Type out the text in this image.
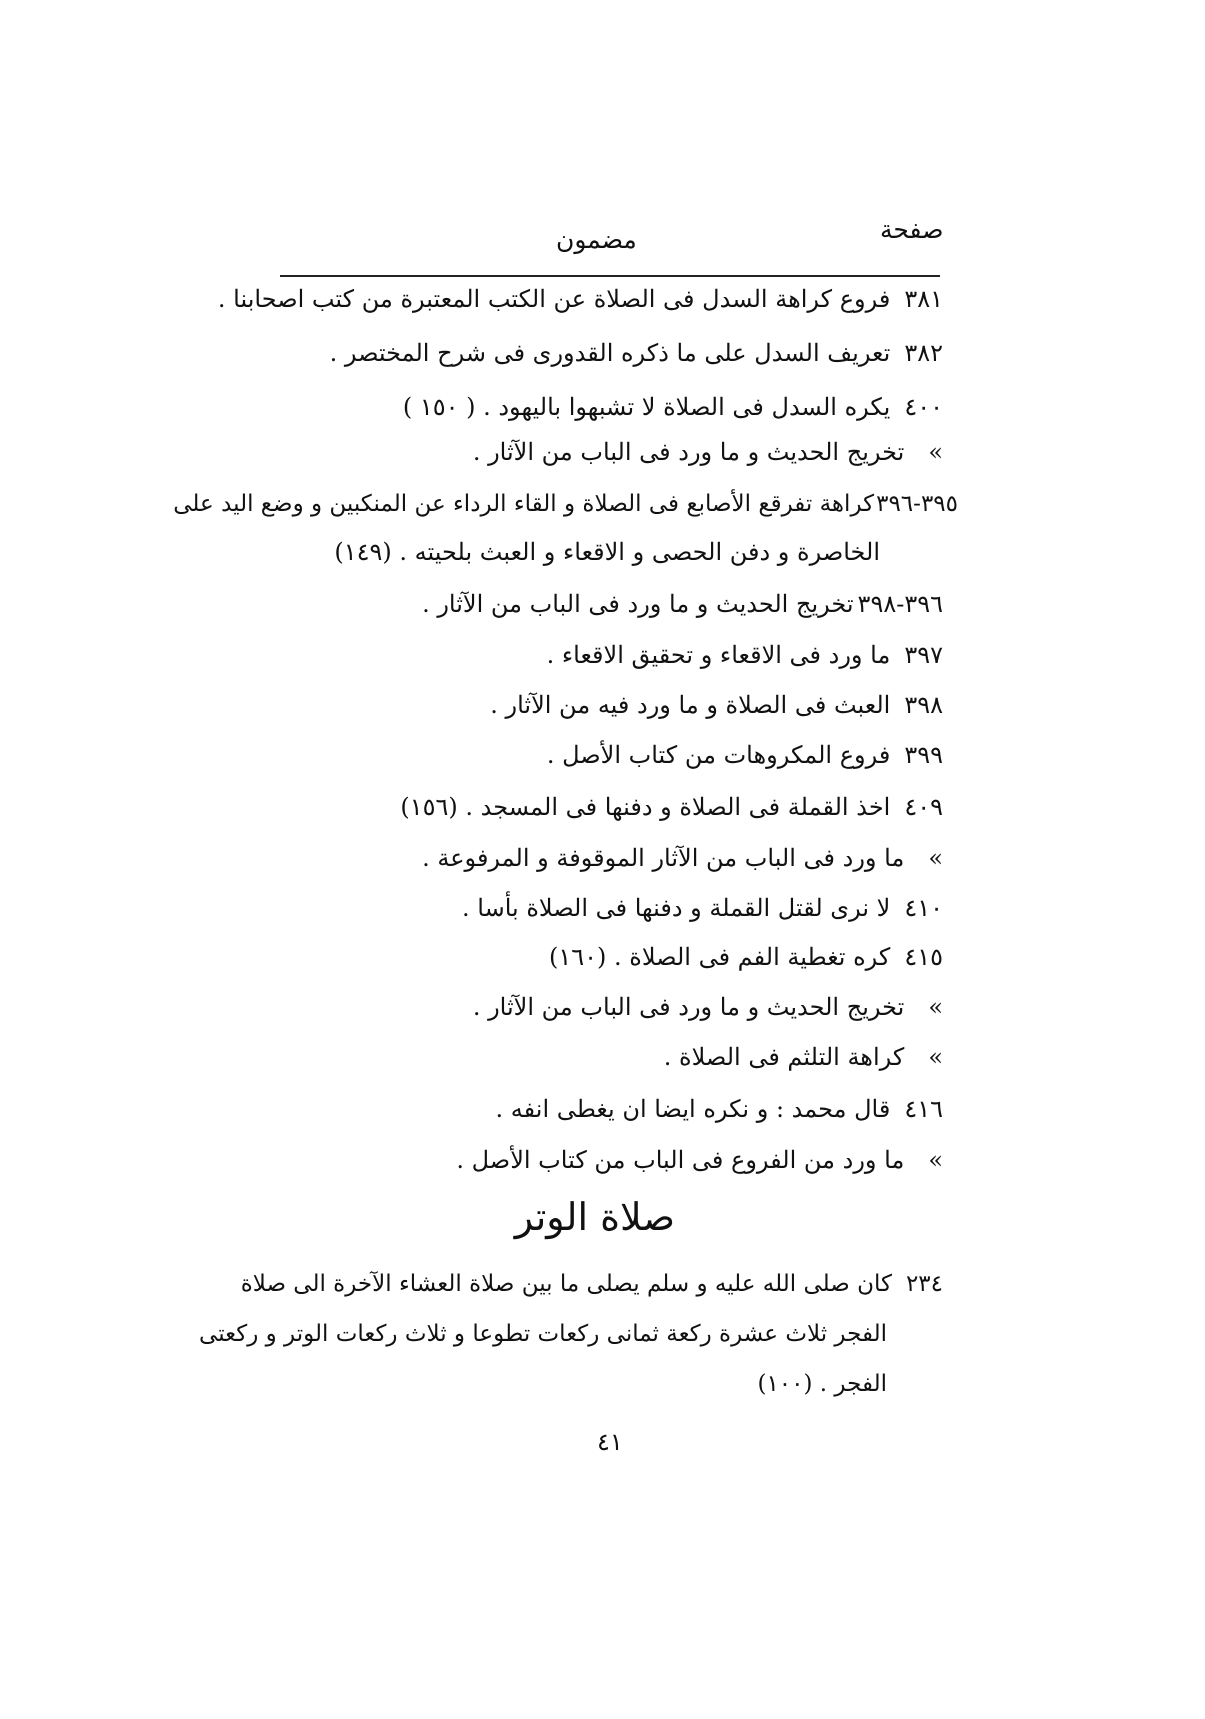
صفحة
مضمون
٣٨١فروع كراهة السدل فى الصلاة عن الكتب المعتبرة من كتب اصحابنا .
٣٨٢تعريف السدل على ما ذكره القدورى فى شرح المختصر .
٤٠٠يكره السدل فى الصلاة لا تشبهوا باليهود . ( ١٥٠ )
»تخريج الحديث و ما ورد فى الباب من الآثار .
٣٩٥-٣٩٦كراهة تفرقع الأصابع فى الصلاة و القاء الرداء عن المنكبين و وضع اليد على
الخاصرة و دفن الحصى و الاقعاء و العبث بلحيته . (١٤٩)
٣٩٦-٣٩٨تخريج الحديث و ما ورد فى الباب من الآثار .
٣٩٧ما ورد فى الاقعاء و تحقيق الاقعاء .
٣٩٨العبث فى الصلاة و ما ورد فيه من الآثار .
٣٩٩فروع المكروهات من كتاب الأصل .
٤٠٩اخذ القملة فى الصلاة و دفنها فى المسجد . (١٥٦)
»ما ورد فى الباب من الآثار الموقوفة و المرفوعة .
٤١٠لا نرى لقتل القملة و دفنها فى الصلاة بأسا .
٤١٥كره تغطية الفم فى الصلاة . (١٦٠)
»تخريج الحديث و ما ورد فى الباب من الآثار .
»كراهة التلثم فى الصلاة .
٤١٦قال محمد : و نكره ايضا ان يغطى انفه .
»ما ورد من الفروع فى الباب من كتاب الأصل .
صلاة الوتر
٢٣٤كان صلى الله عليه و سلم يصلى ما بين صلاة العشاء الآخرة الى صلاة
الفجر ثلاث عشرة ركعة ثمانى ركعات تطوعا و ثلاث ركعات الوتر و ركعتى
الفجر . (١٠٠)
٤١
